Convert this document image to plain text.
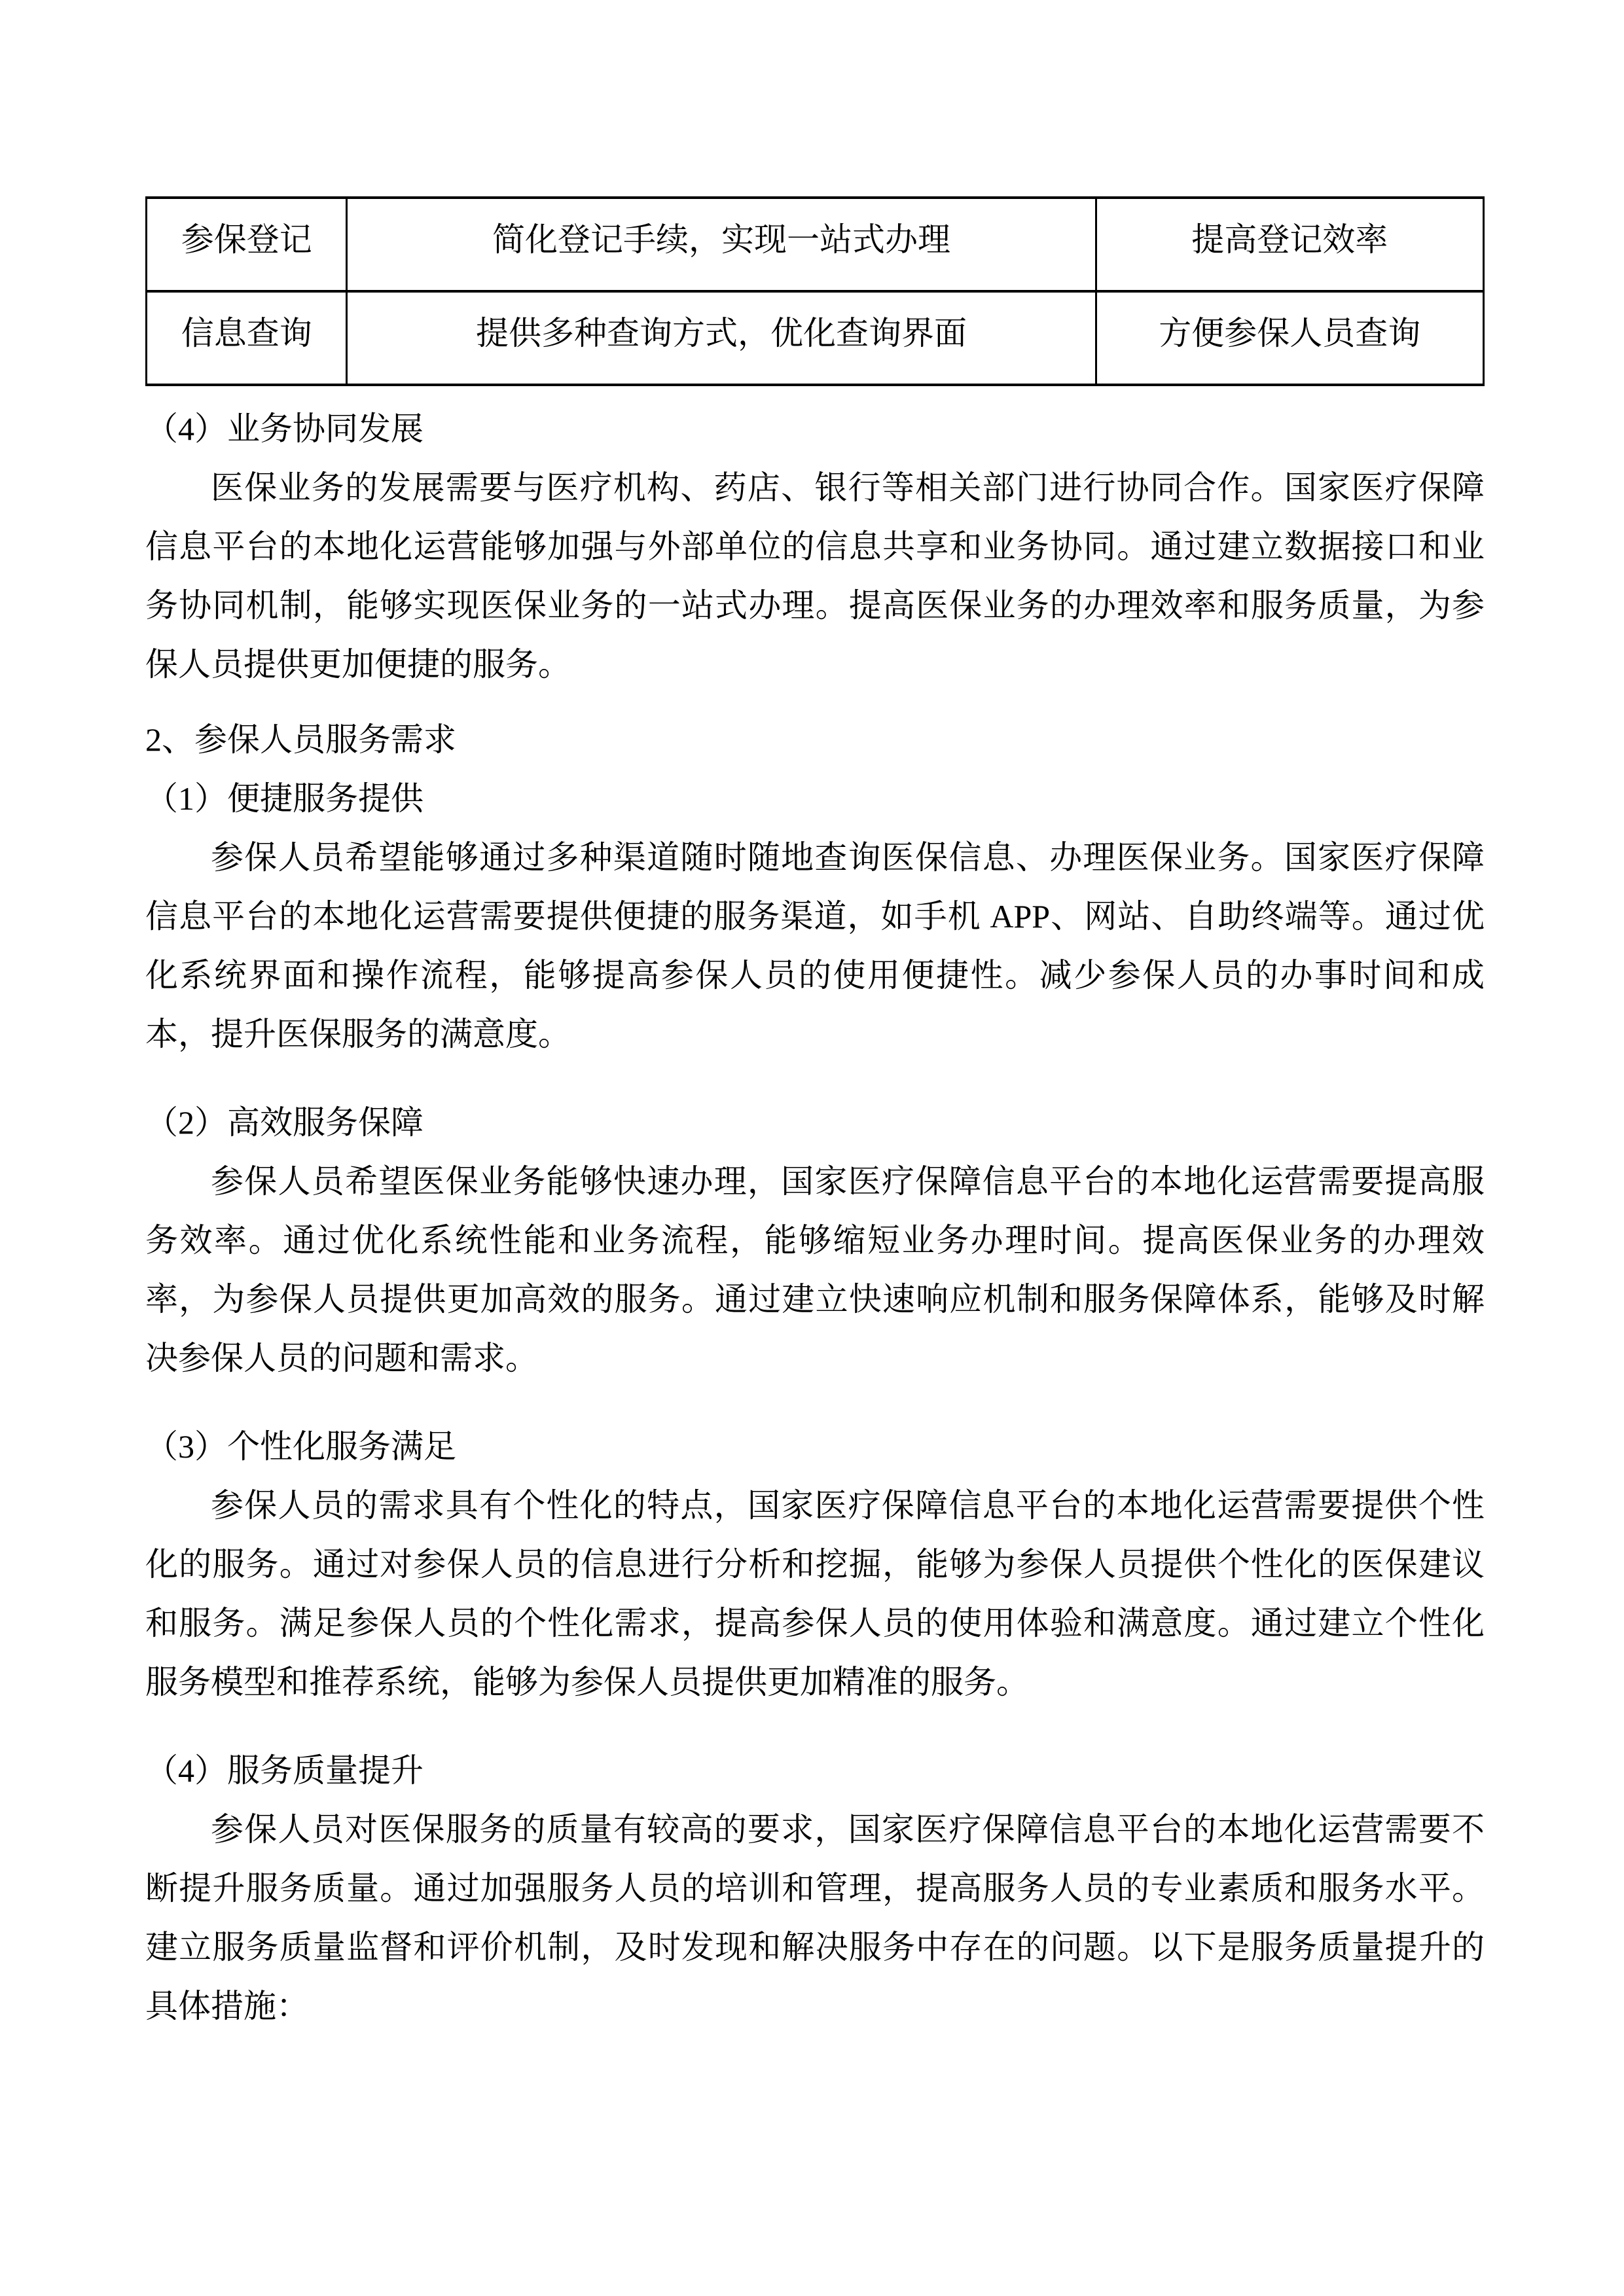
参保登记	简化登记手续，实现一站式办理	提高登记效率
信息查询	提供多种查询方式，优化查询界面	方便参保人员查询

（4）业务协同发展

医保业务的发展需要与医疗机构、药店、银行等相关部门进行协同合作。国家医疗保障信息平台的本地化运营能够加强与外部单位的信息共享和业务协同。通过建立数据接口和业务协同机制，能够实现医保业务的一站式办理。提高医保业务的办理效率和服务质量，为参保人员提供更加便捷的服务。

2、参保人员服务需求

（1）便捷服务提供

参保人员希望能够通过多种渠道随时随地查询医保信息、办理医保业务。国家医疗保障信息平台的本地化运营需要提供便捷的服务渠道，如手机 APP、网站、自助终端等。通过优化系统界面和操作流程，能够提高参保人员的使用便捷性。减少参保人员的办事时间和成本，提升医保服务的满意度。

（2）高效服务保障

参保人员希望医保业务能够快速办理，国家医疗保障信息平台的本地化运营需要提高服务效率。通过优化系统性能和业务流程，能够缩短业务办理时间。提高医保业务的办理效率，为参保人员提供更加高效的服务。通过建立快速响应机制和服务保障体系，能够及时解决参保人员的问题和需求。

（3）个性化服务满足

参保人员的需求具有个性化的特点，国家医疗保障信息平台的本地化运营需要提供个性化的服务。通过对参保人员的信息进行分析和挖掘，能够为参保人员提供个性化的医保建议和服务。满足参保人员的个性化需求，提高参保人员的使用体验和满意度。通过建立个性化服务模型和推荐系统，能够为参保人员提供更加精准的服务。

（4）服务质量提升

参保人员对医保服务的质量有较高的要求，国家医疗保障信息平台的本地化运营需要不断提升服务质量。通过加强服务人员的培训和管理，提高服务人员的专业素质和服务水平。建立服务质量监督和评价机制，及时发现和解决服务中存在的问题。以下是服务质量提升的具体措施：
